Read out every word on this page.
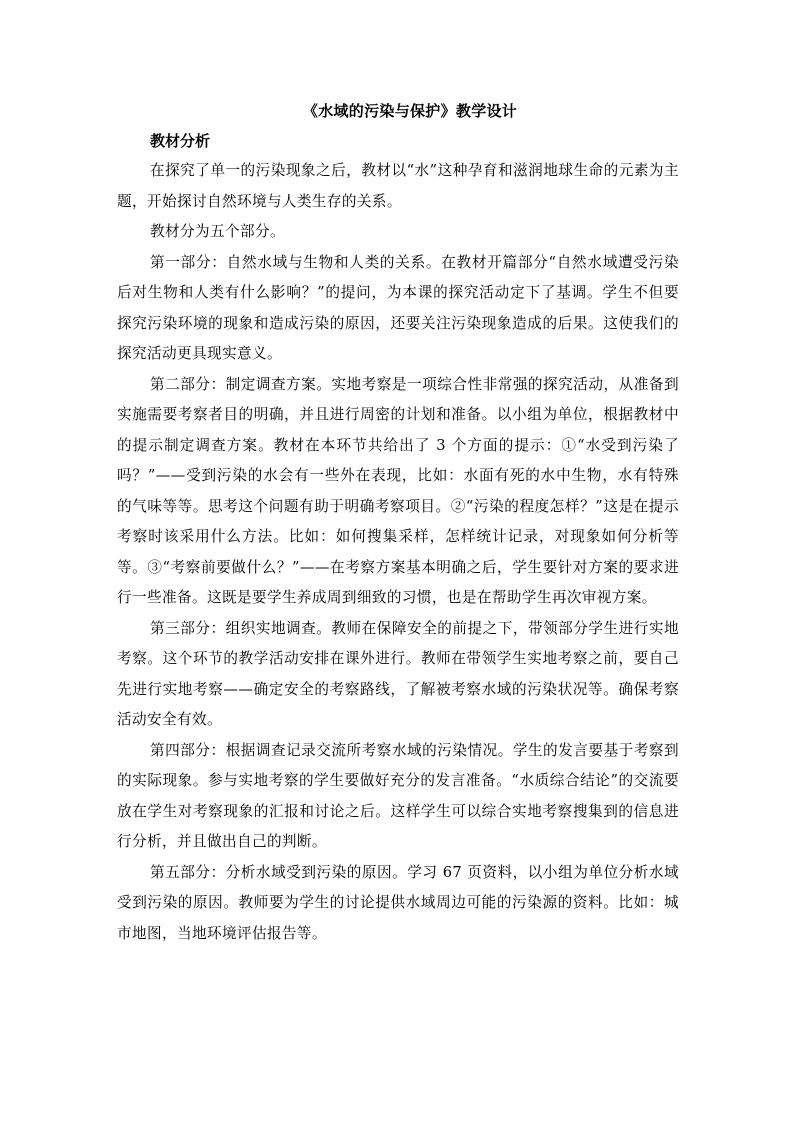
《水域的污染与保护》教学设计
教材分析

在探究了单一的污染现象之后，教材以“水”这种孕育和滋润地球生命的元素为主题，开始探讨自然环境与人类生存的关系。

教材分为五个部分。

第一部分：自然水域与生物和人类的关系。在教材开篇部分“自然水域遭受污染后对生物和人类有什么影响？”的提问，为本课的探究活动定下了基调。学生不但要探究污染环境的现象和造成污染的原因，还要关注污染现象造成的后果。这使我们的探究活动更具现实意义。

第二部分：制定调查方案。实地考察是一项综合性非常强的探究活动，从准备到实施需要考察者目的明确，并且进行周密的计划和准备。以小组为单位，根据教材中的提示制定调查方案。教材在本环节共给出了 3 个方面的提示：①“水受到污染了吗？”——受到污染的水会有一些外在表现，比如：水面有死的水中生物，水有特殊的气味等等。思考这个问题有助于明确考察项目。②“污染的程度怎样？”这是在提示考察时该采用什么方法。比如：如何搜集采样，怎样统计记录，对现象如何分析等等。③“考察前要做什么？”——在考察方案基本明确之后，学生要针对方案的要求进行一些准备。这既是要学生养成周到细致的习惯，也是在帮助学生再次审视方案。

第三部分：组织实地调查。教师在保障安全的前提之下，带领部分学生进行实地考察。这个环节的教学活动安排在课外进行。教师在带领学生实地考察之前，要自己先进行实地考察——确定安全的考察路线，了解被考察水域的污染状况等。确保考察活动安全有效。

第四部分：根据调查记录交流所考察水域的污染情况。学生的发言要基于考察到的实际现象。参与实地考察的学生要做好充分的发言准备。“水质综合结论”的交流要放在学生对考察现象的汇报和讨论之后。这样学生可以综合实地考察搜集到的信息进行分析，并且做出自己的判断。

第五部分：分析水域受到污染的原因。学习 67 页资料，以小组为单位分析水域受到污染的原因。教师要为学生的讨论提供水域周边可能的污染源的资料。比如：城市地图，当地环境评估报告等。
